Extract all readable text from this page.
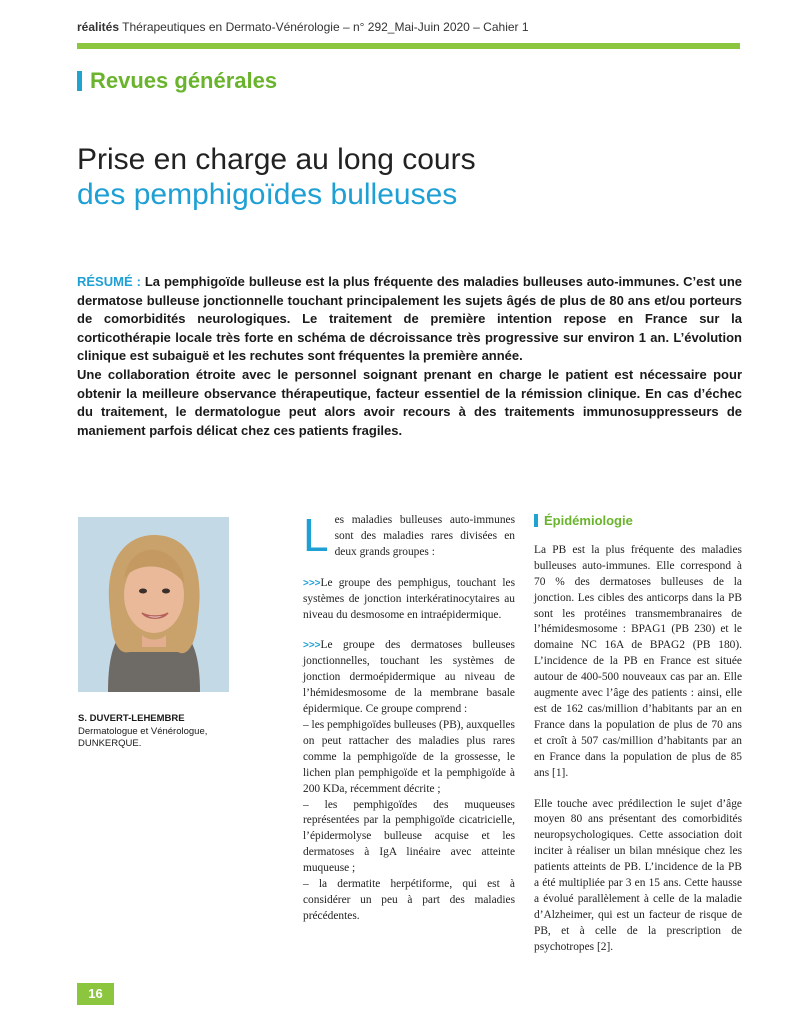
réalités Thérapeutiques en Dermato-Vénérologie – n° 292_Mai-Juin 2020 – Cahier 1
Revues générales
Prise en charge au long cours
des pemphigoïdes bulleuses

RÉSUMÉ : La pemphigoïde bulleuse est la plus fréquente des maladies bulleuses auto-immunes. C’est une dermatose bulleuse jonctionnelle touchant principalement les sujets âgés de plus de 80 ans et/ou porteurs de comorbidités neurologiques. Le traitement de première intention repose en France sur la corticothérapie locale très forte en schéma de décroissance très progressive sur environ 1 an. L’évolution clinique est subaiguë et les rechutes sont fréquentes la première année.

Une collaboration étroite avec le personnel soignant prenant en charge le patient est nécessaire pour obtenir la meilleure observance thérapeutique, facteur essentiel de la rémission clinique. En cas d’échec du traitement, le dermatologue peut alors avoir recours à des traitements immunosuppresseurs de maniement parfois délicat chez ces patients fragiles.

S. DUVERT-LEHEMBRE
Dermatologue et Vénérologue,
DUNKERQUE.

Les maladies bulleuses auto-immunes sont des maladies rares divisées en deux grands groupes :

>>>Le groupe des pemphigus, touchant les systèmes de jonction interkératinocytaires au niveau du desmosome en intraépidermique.

>>>Le groupe des dermatoses bulleuses jonctionnelles, touchant les systèmes de jonction dermoépidermique au niveau de l’hémidesmosome de la membrane basale épidermique. Ce groupe comprend :

– les pemphigoïdes bulleuses (PB), auxquelles on peut rattacher des maladies plus rares comme la pemphigoïde de la grossesse, le lichen plan pemphigoïde et la pemphigoïde à 200 KDa, récemment décrite ;
– les pemphigoïdes des muqueuses représentées par la pemphigoïde cicatricielle, l’épidermolyse bulleuse acquise et les dermatoses à IgA linéaire avec atteinte muqueuse ;
– la dermatite herpétiforme, qui est à considérer un peu à part des maladies précédentes.
Épidémiologie

La PB est la plus fréquente des maladies bulleuses auto-immunes. Elle correspond à 70 % des dermatoses bulleuses de la jonction. Les cibles des anticorps dans la PB sont les protéines transmembranaires de l’hémidesmosome : BPAG1 (PB 230) et le domaine NC 16A de BPAG2 (PB 180). L’incidence de la PB en France est située autour de 400-500 nouveaux cas par an. Elle augmente avec l’âge des patients : ainsi, elle est de 162 cas/million d’habitants par an en France dans la population de plus de 70 ans et croît à 507 cas/million d’habitants par an en France dans la population de plus de 85 ans [1].

Elle touche avec prédilection le sujet d’âge moyen 80 ans présentant des comorbidités neuropsychologiques. Cette association doit inciter à réaliser un bilan mnésique chez les patients atteints de PB. L’incidence de la PB a été multipliée par 3 en 15 ans. Cette hausse a évolué parallèlement à celle de la maladie d’Alzheimer, qui est un facteur de risque de PB, et à celle de la prescription de psychotropes [2].

16
